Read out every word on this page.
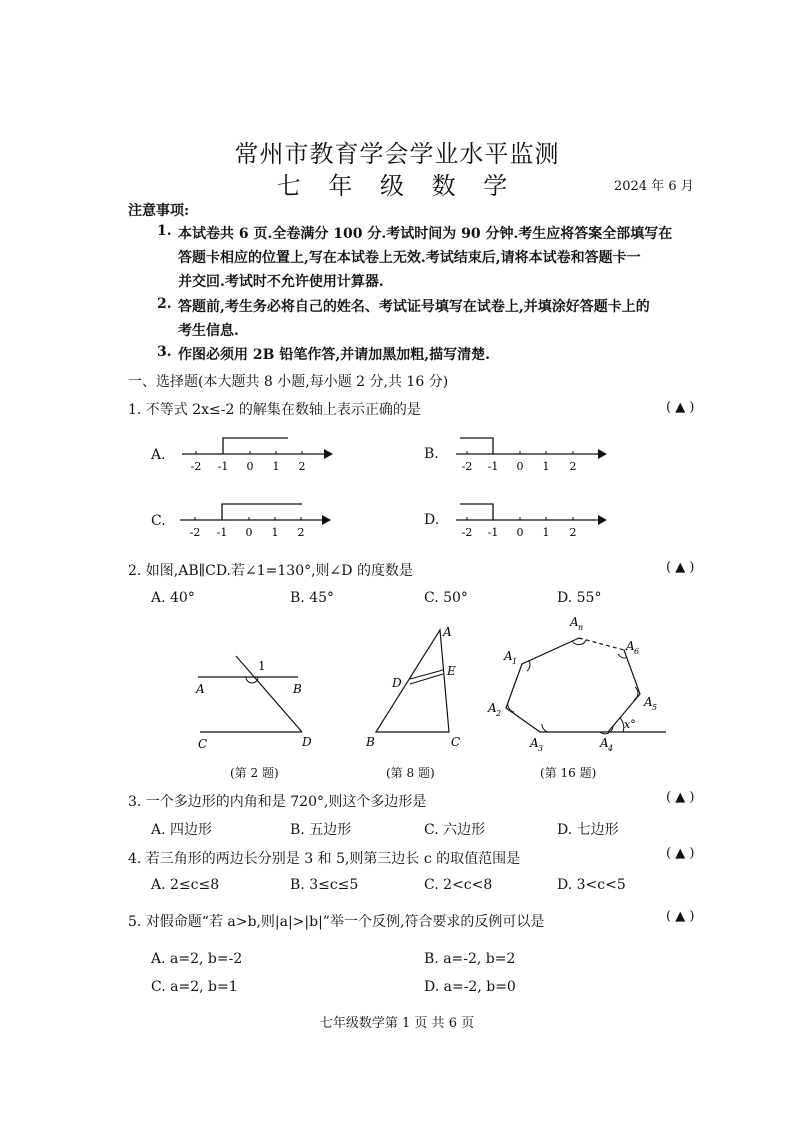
常州市教育学会学业水平监测
七 年 级 数 学	2024 年 6 月
注意事项:
1. 本试卷共 6 页.全卷满分 100 分.考试时间为 90 分钟.考生应将答案全部填写在
答题卡相应的位置上,写在本试卷上无效.考试结束后,请将本试卷和答题卡一
并交回.考试时不允许使用计算器.
2. 答题前,考生务必将自己的姓名、考试证号填写在试卷上,并填涂好答题卡上的
考生信息.
3. 作图必须用 2B 铅笔作答,并请加黑加粗,描写清楚.
一、选择题(本大题共 8 小题,每小题 2 分,共 16 分)
1. 不等式 2x≤-2 的解集在数轴上表示正确的是	( ▲ )
A.	B.
C.	D.
-2 -1 0 1 2	-2 -1 0 1 2
-2 -1 0 1 2	-2 -1 0 1 2
2. 如图,AB∥CD.若∠1=130°,则∠D 的度数是	( ▲ )
A. 40°	B. 45°	C. 50°	D. 55°
1
A	B
C	D
A
D
E
B	C
A n
A 1
A 2
A 3	A 4
A 5
A 6
x°
(第 2 题)	(第 8 题)	(第 16 题)
3. 一个多边形的内角和是 720°,则这个多边形是	( ▲ )
A. 四边形	B. 五边形	C. 六边形	D. 七边形
4. 若三角形的两边长分别是 3 和 5,则第三边长 c 的取值范围是	( ▲ )
A. 2≤c≤8	B. 3≤c≤5	C. 2<c<8	D. 3<c<5
5. 对假命题“若 a>b,则|a|>|b|”举一个反例,符合要求的反例可以是	( ▲ )
A. a=2, b=-2	B. a=-2, b=2
C. a=2, b=1	D. a=-2, b=0
七年级数学第 1 页 共 6 页
